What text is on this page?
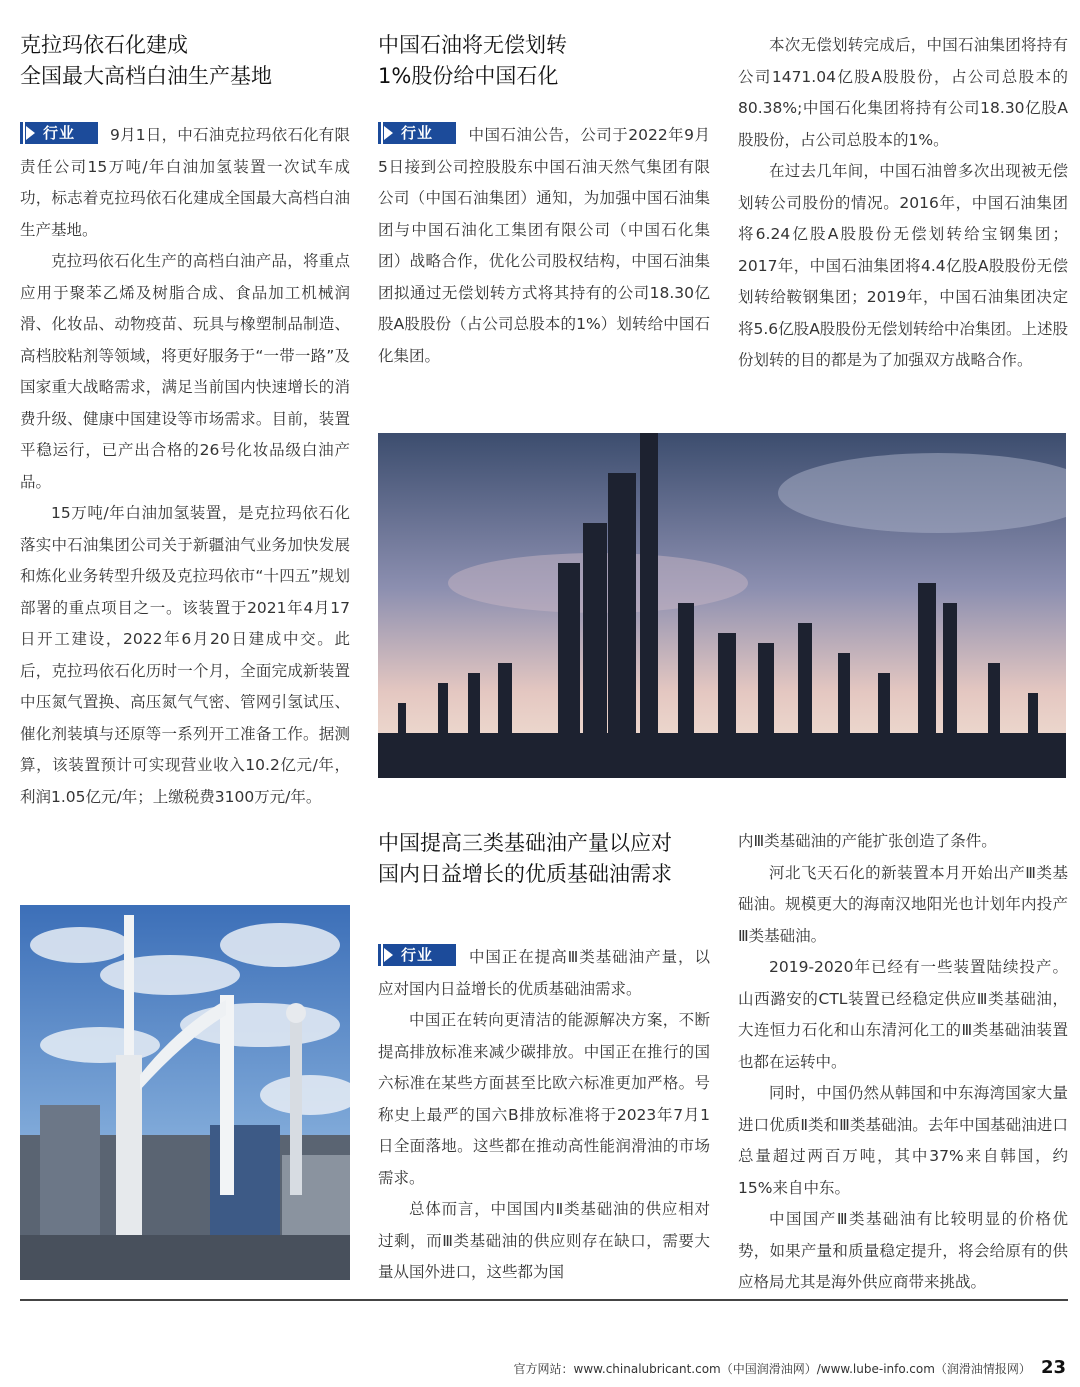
克拉玛依石化建成
全国最大高档白油生产基地

行业	9月1日，中石油克拉玛依石化有限责任公司15万吨/年白油加氢装置一次试车成功，标志着克拉玛依石化建成全国最大高档白油生产基地。

克拉玛依石化生产的高档白油产品，将重点应用于聚苯乙烯及树脂合成、食品加工机械润滑、化妆品、动物疫苗、玩具与橡塑制品制造、高档胶粘剂等领域，将更好服务于“一带一路”及国家重大战略需求，满足当前国内快速增长的消费升级、健康中国建设等市场需求。目前，装置平稳运行，已产出合格的26号化妆品级白油产品。

15万吨/年白油加氢装置，是克拉玛依石化落实中石油集团公司关于新疆油气业务加快发展和炼化业务转型升级及克拉玛依市“十四五”规划部署的重点项目之一。该装置于2021年4月17日开工建设，2022年6月20日建成中交。此后，克拉玛依石化历时一个月，全面完成新装置中压氮气置换、高压氮气气密、管网引氢试压、催化剂装填与还原等一系列开工准备工作。据测算，该装置预计可实现营业收入10.2亿元/年，利润1.05亿元/年；上缴税费3100万元/年。

中国石油将无偿划转
1%股份给中国石化

行业	中国石油公告，公司于2022年9月5日接到公司控股股东中国石油天然气集团有限公司（中国石油集团）通知，为加强中国石油集团与中国石油化工集团有限公司（中国石化集团）战略合作，优化公司股权结构，中国石油集团拟通过无偿划转方式将其持有的公司18.30亿股A股股份（占公司总股本的1%）划转给中国石化集团。

本次无偿划转完成后，中国石油集团将持有公司1471.04亿股A股股份，占公司总股本的80.38%;中国石化集团将持有公司18.30亿股A股股份，占公司总股本的1%。

在过去几年间，中国石油曾多次出现被无偿划转公司股份的情况。2016年，中国石油集团将6.24亿股A股股份无偿划转给宝钢集团；2017年，中国石油集团将4.4亿股A股股份无偿划转给鞍钢集团；2019年，中国石油集团决定将5.6亿股A股股份无偿划转给中冶集团。上述股份划转的目的都是为了加强双方战略合作。

中国提高三类基础油产量以应对
国内日益增长的优质基础油需求

行业	中国正在提高Ⅲ类基础油产量，以应对国内日益增长的优质基础油需求。

中国正在转向更清洁的能源解决方案，不断提高排放标准来减少碳排放。中国正在推行的国六标准在某些方面甚至比欧六标准更加严格。号称史上最严的国六B排放标准将于2023年7月1日全面落地。这些都在推动高性能润滑油的市场需求。

总体而言，中国国内Ⅱ类基础油的供应相对过剩，而Ⅲ类基础油的供应则存在缺口，需要大量从国外进口，这些都为国

内Ⅲ类基础油的产能扩张创造了条件。

河北飞天石化的新装置本月开始出产Ⅲ类基础油。规模更大的海南汉地阳光也计划年内投产Ⅲ类基础油。

2019-2020年已经有一些装置陆续投产。山西潞安的CTL装置已经稳定供应Ⅲ类基础油，大连恒力石化和山东清河化工的Ⅲ类基础油装置也都在运转中。

同时，中国仍然从韩国和中东海湾国家大量进口优质Ⅱ类和Ⅲ类基础油。去年中国基础油进口总量超过两百万吨，其中37%来自韩国，约15%来自中东。

中国国产Ⅲ类基础油有比较明显的价格优势，如果产量和质量稳定提升，将会给原有的供应格局尤其是海外供应商带来挑战。

官方网站：www.chinalubricant.com（中国润滑油网）/www.lube-info.com（润滑油情报网） 23
